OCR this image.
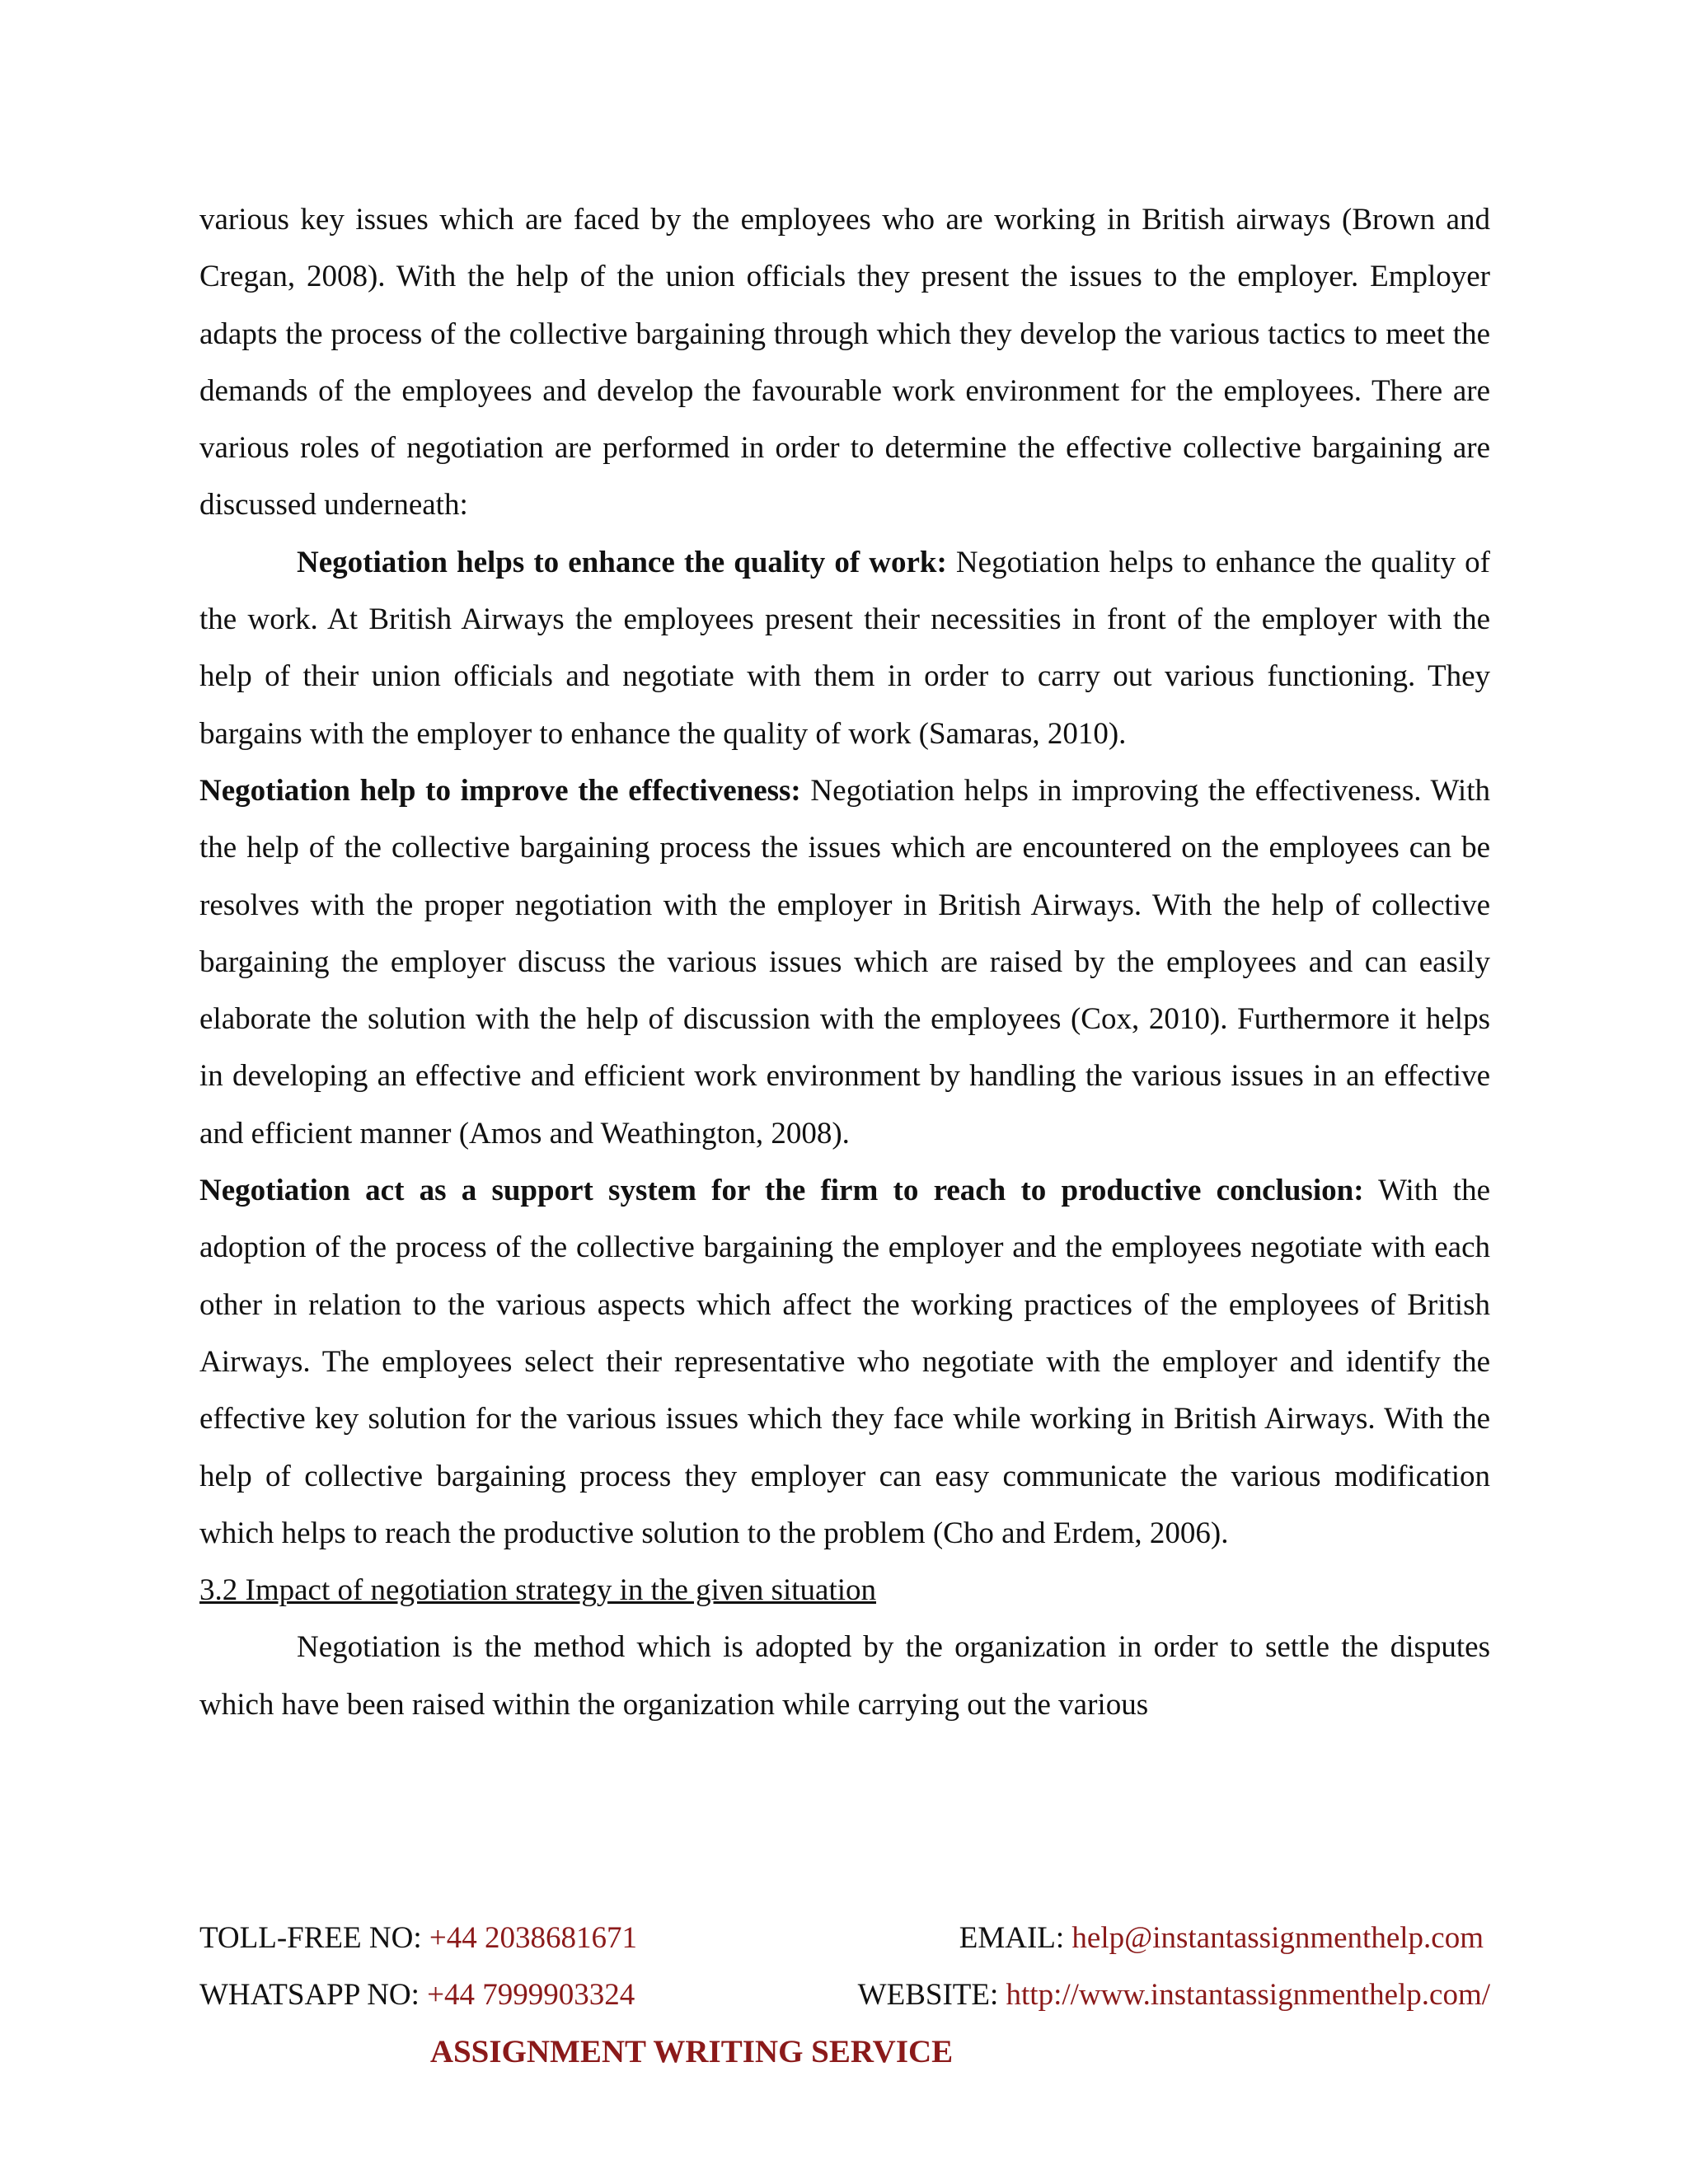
various key issues which are faced by the employees who are working in British airways (Brown and Cregan, 2008). With the help of the union officials they present the issues to the employer. Employer adapts the process of the collective bargaining through which they develop the various tactics to meet the demands of the employees and develop the favourable work environment for the employees. There are various roles of negotiation are performed in order to determine the effective collective bargaining are discussed underneath:

Negotiation helps to enhance the quality of work: Negotiation helps to enhance the quality of the work. At British Airways the employees present their necessities in front of the employer with the help of their union officials and negotiate with them in order to carry out various functioning. They bargains with the employer to enhance the quality of work (Samaras, 2010).

Negotiation help to improve the effectiveness: Negotiation helps in improving the effectiveness. With the help of the collective bargaining process the issues which are encountered on the employees can be resolves with the proper negotiation with the employer in British Airways. With the help of collective bargaining the employer discuss the various issues which are raised by the employees and can easily elaborate the solution with the help of discussion with the employees (Cox, 2010). Furthermore it helps in developing an effective and efficient work environment by handling the various issues in an effective and efficient manner (Amos and Weathington, 2008).

Negotiation act as a support system for the firm to reach to productive conclusion: With the adoption of the process of the collective bargaining the employer and the employees negotiate with each other in relation to the various aspects which affect the working practices of the employees of British Airways. The employees select their representative who negotiate with the employer and identify the effective key solution for the various issues which they face while working in British Airways. With the help of collective bargaining process they employer can easy communicate the various modification which helps to reach the productive solution to the problem (Cho and Erdem, 2006).

3.2 Impact of negotiation strategy in the given situation

Negotiation is the method which is adopted by the organization in order to settle the disputes which have been raised within the organization while carrying out the various

TOLL-FREE NO: +44 2038681671	EMAIL: help@instantassignmenthelp.com
WHATSAPP NO: +44 7999903324	WEBSITE: http://www.instantassignmenthelp.com/
ASSIGNMENT WRITING SERVICE
